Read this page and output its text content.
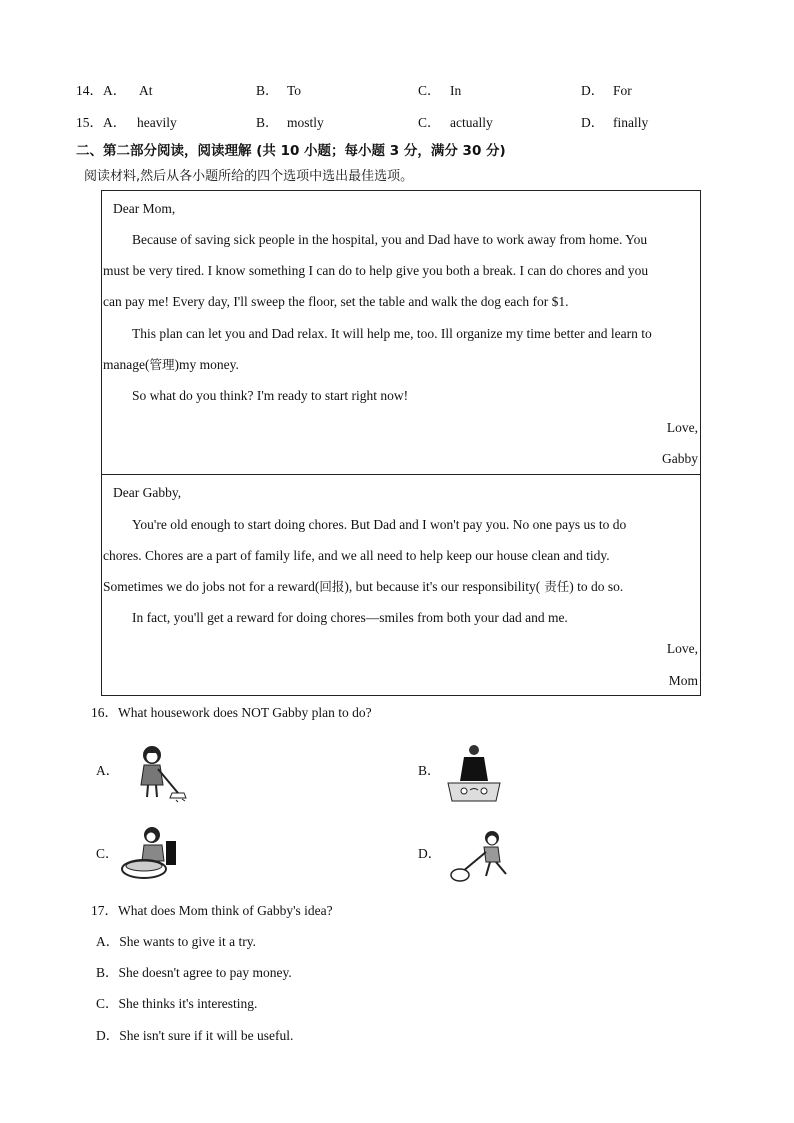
14．A． At	B． To	C． In	D． For
15．A． heavily	B． mostly	C． actually	D． finally
二、第二部分阅读，阅读理解 (共 10 小题；每小题 3 分，满分 30 分)
阅读材料,然后从各小题所给的四个选项中选出最佳选项。
Dear Mom,
Because of saving sick people in the hospital, you and Dad have to work away from home. You
must be very tired. I know something I can do to help give you both a break. I can do chores and you
can pay me! Every day, I'll sweep the floor, set the table and walk the dog each for $1.
This plan can let you and Dad relax. It will help me, too. Ill organize my time better and learn to
manage(管理)my money.
So what do you think? I'm ready to start right now!
Love,
Gabby
Dear Gabby,
You're old enough to start doing chores. But Dad and I won't pay you. No one pays us to do
chores. Chores are a part of family life, and we all need to help keep our house clean and tidy.
Sometimes we do jobs not for a reward(回报), but because it's our responsibility( 责任) to do so.
In fact, you'll get a reward for doing chores—smiles from both your dad and me.
Love,
Mom
16．What housework does NOT Gabby plan to do?
A．	B．
C．	D．
17．What does Mom think of Gabby's idea?
A．She wants to give it a try.
B．She doesn't agree to pay money.
C．She thinks it's interesting.
D．She isn't sure if it will be useful.
